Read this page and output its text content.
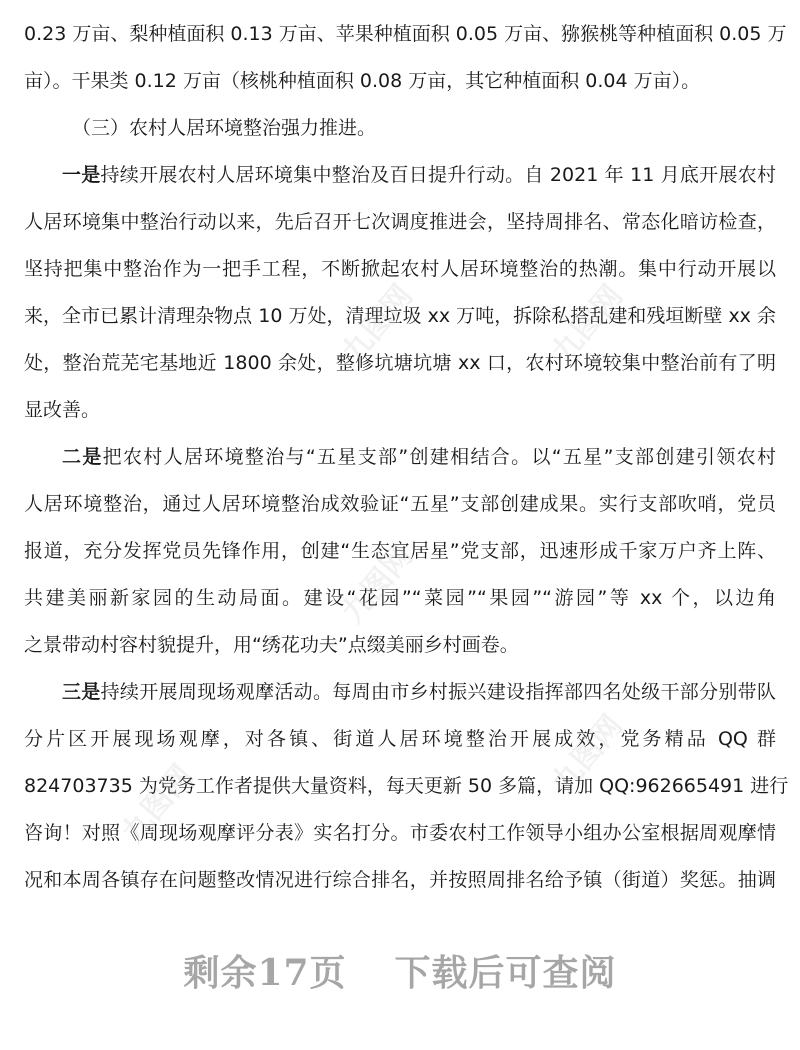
0.23 万亩、梨种植面积 0.13 万亩、苹果种植面积 0.05 万亩、猕猴桃等种植面积 0.05 万
亩）。干果类 0.12 万亩（核桃种植面积 0.08 万亩，其它种植面积 0.04 万亩）。
（三）农村人居环境整治强力推进。
一是持续开展农村人居环境集中整治及百日提升行动。自 2021 年 11 月底开展农村
人居环境集中整治行动以来，先后召开七次调度推进会，坚持周排名、常态化暗访检查，
坚持把集中整治作为一把手工程，不断掀起农村人居环境整治的热潮。集中行动开展以
来，全市已累计清理杂物点 10 万处，清理垃圾 xx 万吨，拆除私搭乱建和残垣断壁 xx 余
处，整治荒芜宅基地近 1800 余处，整修坑塘坑塘 xx 口，农村环境较集中整治前有了明
显改善。
二是把农村人居环境整治与“五星支部”创建相结合。以“五星”支部创建引领农村
人居环境整治，通过人居环境整治成效验证“五星”支部创建成果。实行支部吹哨，党员
报道，充分发挥党员先锋作用，创建“生态宜居星”党支部，迅速形成千家万户齐上阵、
共建美丽新家园的生动局面。建设“花园”“菜园”“果园”“游园”等 xx 个，以边角
之景带动村容村貌提升，用“绣花功夫”点缀美丽乡村画卷。
三是持续开展周现场观摩活动。每周由市乡村振兴建设指挥部四名处级干部分别带队
分片区开展现场观摩，对各镇、街道人居环境整治开展成效，党务精品 QQ 群
824703735 为党务工作者提供大量资料，每天更新 50 多篇，请加 QQ:962665491 进行
咨询！对照《周现场观摩评分表》实名打分。市委农村工作领导小组办公室根据周观摩情
况和本周各镇存在问题整改情况进行综合排名，并按照周排名给予镇（街道）奖惩。抽调
九图网	九图网
九图网
九图网
九图网
剩余17页 下载后可查阅
